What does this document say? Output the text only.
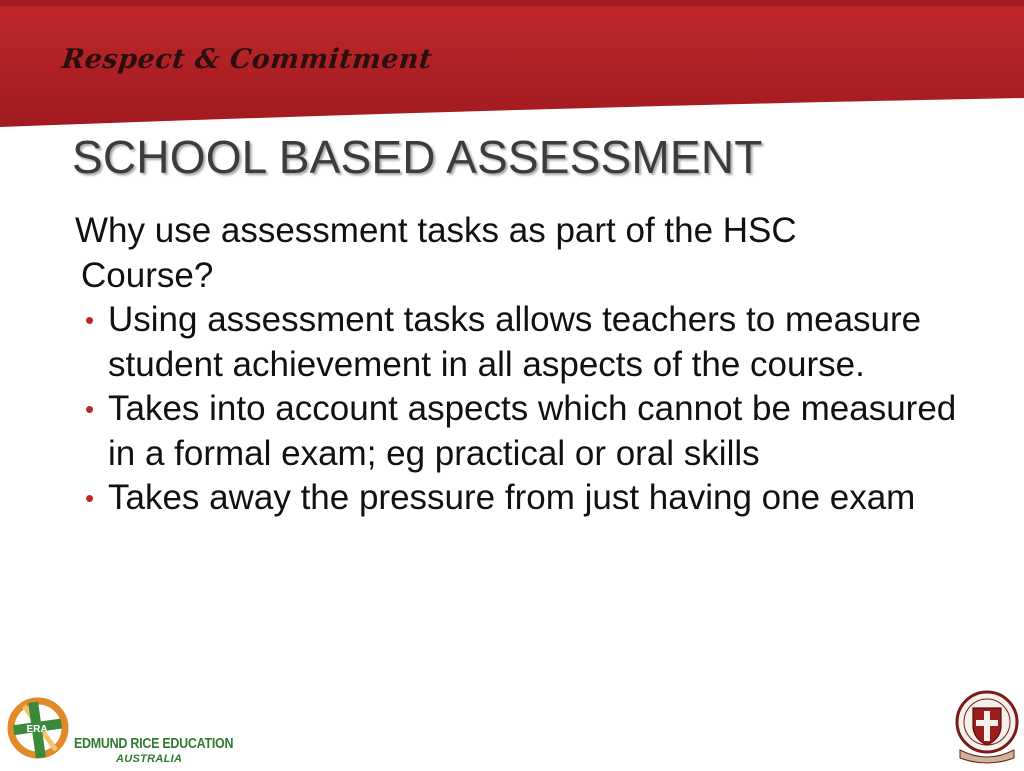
Respect & Commitment
SCHOOL BASED ASSESSMENT

Why use assessment tasks as part of the HSC
Course?

• Using assessment tasks allows teachers to measure student achievement in all aspects of the course.
• Takes into account aspects which cannot be measured in a formal exam; eg practical or oral skills
• Takes away the pressure from just having one exam
ERA
EDMUND RICE EDUCATION
AUSTRALIA
